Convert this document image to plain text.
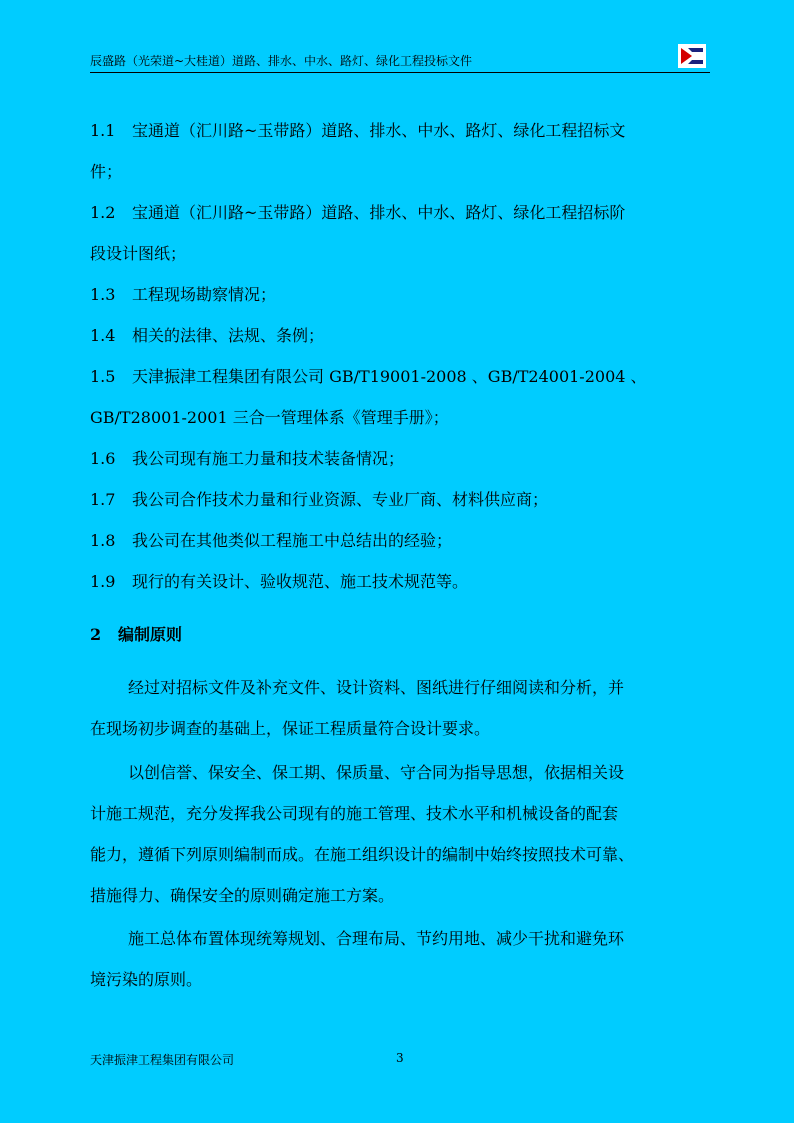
辰盛路（光荣道~大桂道）道路、排水、中水、路灯、绿化工程投标文件
1.1 宝通道（汇川路~玉带路）道路、排水、中水、路灯、绿化工程招标文
件；
1.2 宝通道（汇川路~玉带路）道路、排水、中水、路灯、绿化工程招标阶
段设计图纸；
1.3 工程现场勘察情况；
1.4 相关的法律、法规、条例；
1.5 天津振津工程集团有限公司 GB/T19001-2008 、GB/T24001-2004 、
GB/T28001-2001 三合一管理体系《管理手册》；
1.6 我公司现有施工力量和技术装备情况；
1.7 我公司合作技术力量和行业资源、专业厂商、材料供应商；
1.8 我公司在其他类似工程施工中总结出的经验；
1.9 现行的有关设计、验收规范、施工技术规范等。
2 编制原则
经过对招标文件及补充文件、设计资料、图纸进行仔细阅读和分析，并
在现场初步调查的基础上，保证工程质量符合设计要求。
以创信誉、保安全、保工期、保质量、守合同为指导思想，依据相关设
计施工规范，充分发挥我公司现有的施工管理、技术水平和机械设备的配套
能力，遵循下列原则编制而成。在施工组织设计的编制中始终按照技术可靠、
措施得力、确保安全的原则确定施工方案。
施工总体布置体现统筹规划、合理布局、节约用地、减少干扰和避免环
境污染的原则。
天津振津工程集团有限公司	3
